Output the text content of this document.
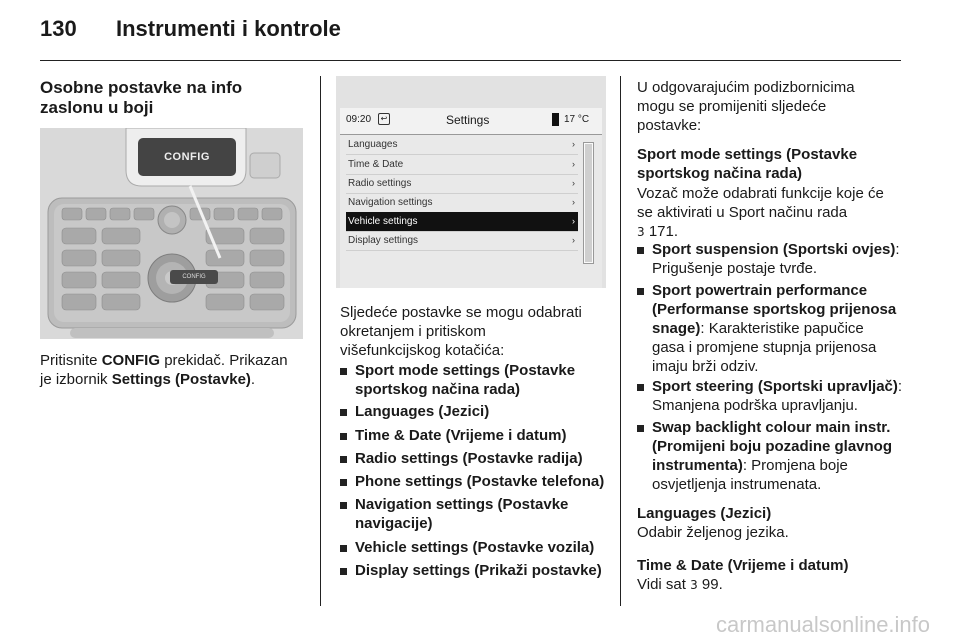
130 Instrumenti i kontrole
Osobne postavke na info
zaslonu u boji
CONFIG
CONFIG

Pritisnite CONFIG prekidač. Prikazan
je izbornik Settings (Postavke).

09:20	↩	Settings	17 °C
Languages	›
Time & Date	›
Radio settings	›
Navigation settings	›
Vehicle settings	›
Display settings	›

Sljedeće postavke se mogu odabrati
okretanjem i pritiskom
višefunkcijskog kotačića:

Sport mode settings (Postavke
sportskog načina rada)
Languages (Jezici)
Time & Date (Vrijeme i datum)
Radio settings (Postavke radija)
Phone settings (Postavke telefona)
Navigation settings (Postavke
navigacije)
Vehicle settings (Postavke vozila)
Display settings (Prikaži postavke)

U odgovarajućim podizbornicima
mogu se promijeniti sljedeće
postavke:

Sport mode settings (Postavke
sportskog načina rada)

Vozač može odabrati funkcije koje će
se aktivirati u Sport načinu rada
3 171.

Sport suspension (Sportski ovjes):
Prigušenje postaje tvrđe.
Sport powertrain performance
(Performanse sportskog prijenosa
snage): Karakteristike papučice
gasa i promjene stupnja prijenosa
imaju brži odziv.
Sport steering (Sportski upravljač):
Smanjena podrška upravljanju.
Swap backlight colour main instr.
(Promijeni boju pozadine glavnog
instrumenta): Promjena boje
osvjetljenja instrumenata.
Languages (Jezici)

Odabir željenog jezika.

Time & Date (Vrijeme i datum)

Vidi sat 3 99.

carmanualsonline.info
